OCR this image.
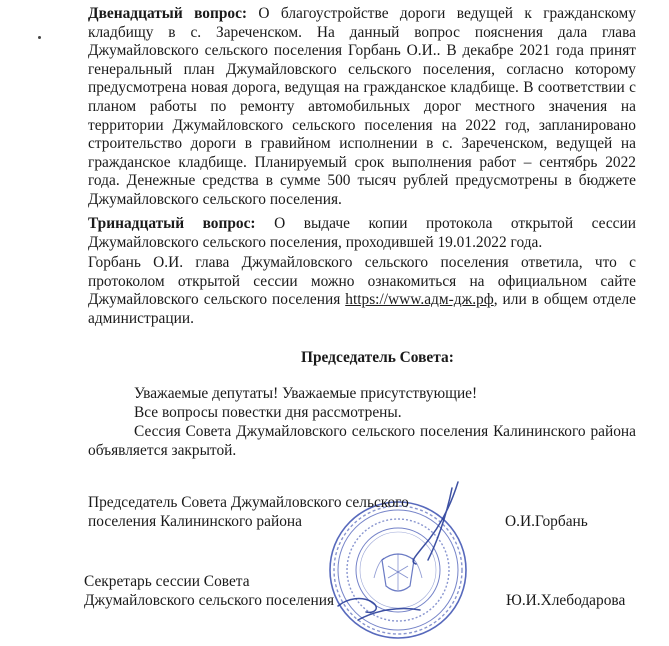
Двенадцатый вопрос: О благоустройстве дороги ведущей к гражданскому кладбищу в с. Зареченском. На данный вопрос пояснения дала глава Джумайловского сельского поселения Горбань О.И.. В декабре 2021 года принят генеральный план Джумайловского сельского поселения, согласно которому предусмотрена новая дорога, ведущая на гражданское кладбище. В соответствии с планом работы по ремонту автомобильных дорог местного значения на территории Джумайловского сельского поселения на 2022 год, запланировано строительство дороги в гравийном исполнении в с. Зареченском, ведущей на гражданское кладбище. Планируемый срок выполнения работ – сентябрь 2022 года. Денежные средства в сумме 500 тысяч рублей предусмотрены в бюджете Джумайловского сельского поселения.

Тринадцатый вопрос: О выдаче копии протокола открытой сессии Джумайловского сельского поселения, проходившей 19.01.2022 года.

Горбань О.И. глава Джумайловского сельского поселения ответила, что с протоколом открытой сессии можно ознакомиться на официальном сайте Джумайловского сельского поселения https://www.адм-дж.рф, или в общем отделе администрации.

Председатель Совета:
Уважаемые депутаты! Уважаемые присутствующие!
Все вопросы повестки дня рассмотрены.
Сессия Совета Джумайловского сельского поселения Калининского района объявляется закрытой.
Председатель Совета Джумайловского сельского
поселения Калининского района	О.И.Горбань
Секретарь сессии Совета
Джумайловского сельского поселения	Ю.И.Хлебодарова
